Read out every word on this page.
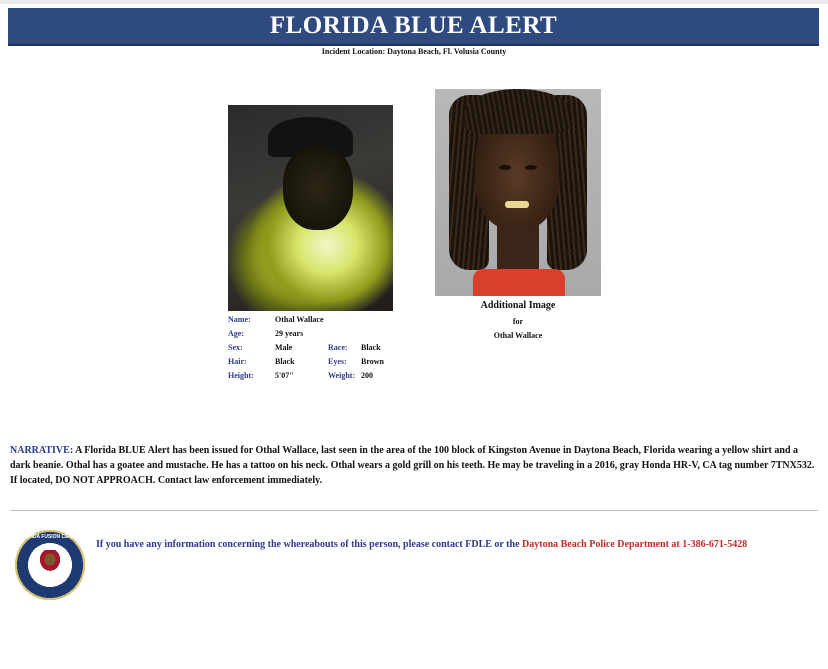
FLORIDA BLUE ALERT
Incident Location: Daytona Beach, Fl. Volusia County
Name:	Othal Wallace
Age:	29 years
Sex:	Male	Race: Black
Hair:	Black	Eyes: Brown
Height:	5'07"	Weight: 200
Additional Image
for
Othal Wallace
NARRATIVE: A Florida BLUE Alert has been issued for Othal Wallace, last seen in the area of the 100 block of Kingston Avenue in Daytona Beach, Florida wearing a yellow shirt and a dark beanie. Othal has a goatee and mustache. He has a tattoo on his neck. Othal wears a gold grill on his teeth. He may be traveling in a 2016, gray Honda HR-V, CA tag number 7TNX532. If located, DO NOT APPROACH. Contact law enforcement immediately.
FLORIDA FUSION CENTER
If you have any information concerning the whereabouts of this person, please contact FDLE or the Daytona Beach Police Department at 1-386-671-5428
